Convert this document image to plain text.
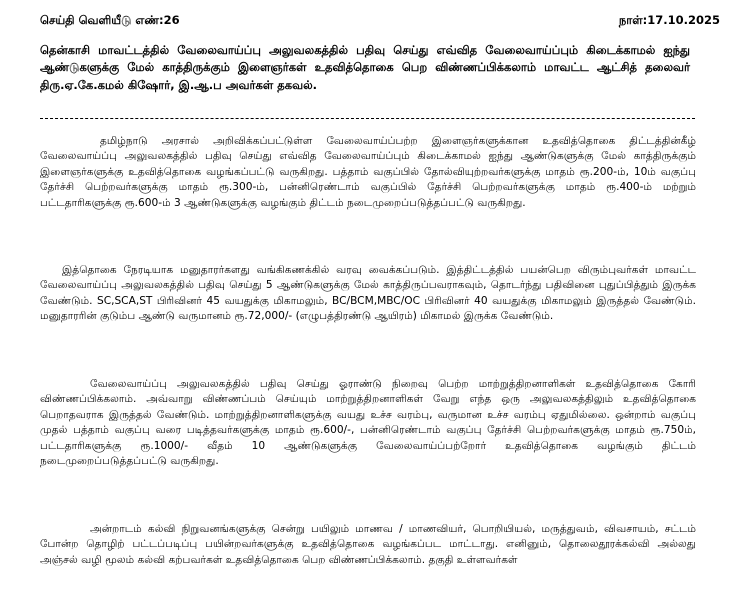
செய்தி வெளியீடு எண்:26	நாள்:17.10.2025
தென்காசி மாவட்டத்தில் வேலைவாய்ப்பு அலுவலகத்தில் பதிவு செய்து எவ்வித வேலைவாய்ப்பும் கிடைக்காமல் ஐந்து ஆண்டுகளுக்கு மேல் காத்திருக்கும் இளைஞர்கள் உதவித்தொகை பெற விண்ணப்பிக்கலாம் மாவட்ட ஆட்சித் தலைவர் திரு.ஏ.கே.கமல் கிஷோர், இ.ஆ.ப அவர்கள் தகவல்.

தமிழ்நாடு அரசால் அறிவிக்கப்பட்டுள்ள வேலைவாய்ப்பற்ற இளைஞர்களுக்கான உதவித்தொகை திட்டத்தின்கீழ் வேலைவாய்ப்பு அலுவலகத்தில் பதிவு செய்து எவ்வித வேலைவாய்ப்பும் கிடைக்காமல் ஐந்து ஆண்டுகளுக்கு மேல் காத்திருக்கும் இளைஞர்களுக்கு உதவித்தொகை வழங்கப்பட்டு வருகிறது. பத்தாம் வகுப்பில் தோல்வியுற்றவர்களுக்கு மாதம் ரூ.200-ம், 10ம் வகுப்பு தேர்ச்சி பெற்றவர்களுக்கு மாதம் ரூ.300-ம், பன்னிரெண்டாம் வகுப்பில் தேர்ச்சி பெற்றவர்களுக்கு மாதம் ரூ.400-ம் மற்றும் பட்டதாரிகளுக்கு ரூ.600-ம் 3 ஆண்டுகளுக்கு வழங்கும் திட்டம் நடைமுறைப்படுத்தப்பட்டு வருகிறது.

இத்தொகை நேரடியாக மனுதாரர்களது வங்கிகணக்கில் வரவு வைக்கப்படும். இத்திட்டத்தில் பயன்பெற விரும்புவர்கள் மாவட்ட வேலைவாய்ப்பு அலுவலகத்தில் பதிவு செய்து 5 ஆண்டுகளுக்கு மேல் காத்திருப்பவராகவும், தொடர்ந்து பதிவினை புதுப்பித்தும் இருக்க வேண்டும். SC,SCA,ST பிரிவினர் 45 வயதுக்கு மிகாமலும், BC/BCM,MBC/OC பிரிவினர் 40 வயதுக்கு மிகாமலும் இருத்தல் வேண்டும். மனுதாரரின் குடும்ப ஆண்டு வருமானம் ரூ.72,000/- (எழுபத்திரண்டு ஆயிரம்) மிகாமல் இருக்க வேண்டும்.

வேலைவாய்ப்பு அலுவலகத்தில் பதிவு செய்து ஓராண்டு நிறைவு பெற்ற மாற்றுத்திறனாளிகள் உதவித்தொகை கோரி விண்ணப்பிக்கலாம். அவ்வாறு விண்ணப்பம் செய்யும் மாற்றுத்திறனாளிகள் வேறு எந்த ஒரு அலுவலகத்திலும் உதவித்தொகை பெறாதவராக இருத்தல் வேண்டும். மாற்றுத்திறனாளிகளுக்கு வயது உச்ச வரம்பு, வருமான உச்ச வரம்பு ஏதுமில்லை. ஒன்றாம் வகுப்பு முதல் பத்தாம் வகுப்பு வரை படித்தவர்களுக்கு மாதம் ரூ.600/-, பன்னிரெண்டாம் வகுப்பு தேர்ச்சி பெற்றவர்களுக்கு மாதம் ரூ.750ம், பட்டதாரிகளுக்கு ரூ.1000/- வீதம் 10 ஆண்டுகளுக்கு வேலைவாய்ப்பற்றோர் உதவித்தொகை வழங்கும் திட்டம் நடைமுறைப்படுத்தப்பட்டு வருகிறது.

அன்றாடம் கல்வி நிறுவனங்களுக்கு சென்று பயிலும் மாணவ / மாணவியர், பொறியியல், மருத்துவம், விவசாயம், சட்டம் போன்ற தொழிற் பட்டப்படிப்பு பயின்றவர்களுக்கு உதவித்தொகை வழங்கப்பட மாட்டாது. எனினும், தொலைதூரக்கல்வி அல்லது அஞ்சல் வழி மூலம் கல்வி கற்பவர்கள் உதவித்தொகை பெற விண்ணப்பிக்கலாம். தகுதி உள்ளவர்கள்
